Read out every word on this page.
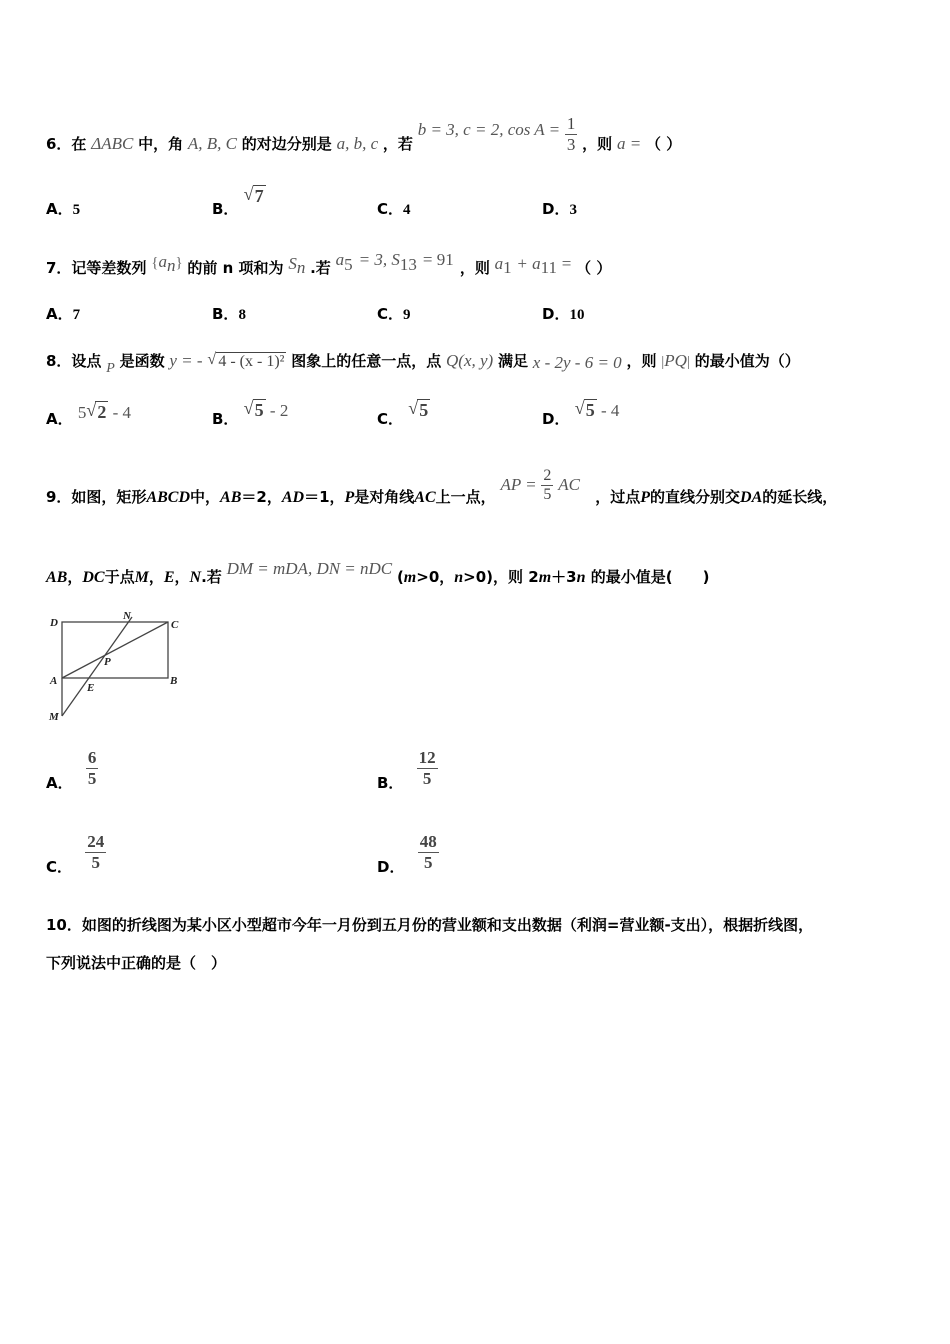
6．在 ΔABC 中，角 A, B, C 的对边分别是 a, b, c ，若 b = 3, c = 2, $\cos A = \frac{1}{3}$ ，则 a = （ ）
A．5	B．
√ 7
C．4	D．3
7．记等差数列 $\{a_n\}$ 的前 n 项和为 $S_n$ .若 $a_5 = 3$, $S_{13} = 91$ ，则 $a_1 + a_{11}$ = （ ）
A．7	B．8	C．9	D．10
8．设点 P 是函数 y = - √ 4 - (x - 1)² 图象上的任意一点，点 Q(x, y) 满足 x - 2y - 6 = 0 ，则 |PQ| 的最小值为（）
A． 5 √ 2 - 4	B．
√ 5 - 2	C．
√ 5	D．
√ 5 - 4
9．如图，矩形ABCD中，AB＝2，AD＝1，P是对角线AC上一点， AP = $\frac{2}{5}$ AC ，过点P的直线分别交DA的延长线，
AB，DC于点M，E，N.若 DM = mDA, DN = nDC (m>0，n>0)，则 2m＋3n 的最小值是(　　)
D
N
C
P
A
E
B
M
A． $\frac{6}{5}$	B． $\frac{12}{5}$
C． $\frac{24}{5}$	D． $\frac{48}{5}$
10．如图的折线图为某小区小型超市今年一月份到五月份的营业额和支出数据（利润=营业额-支出），根据折线图，
下列说法中正确的是（　）
